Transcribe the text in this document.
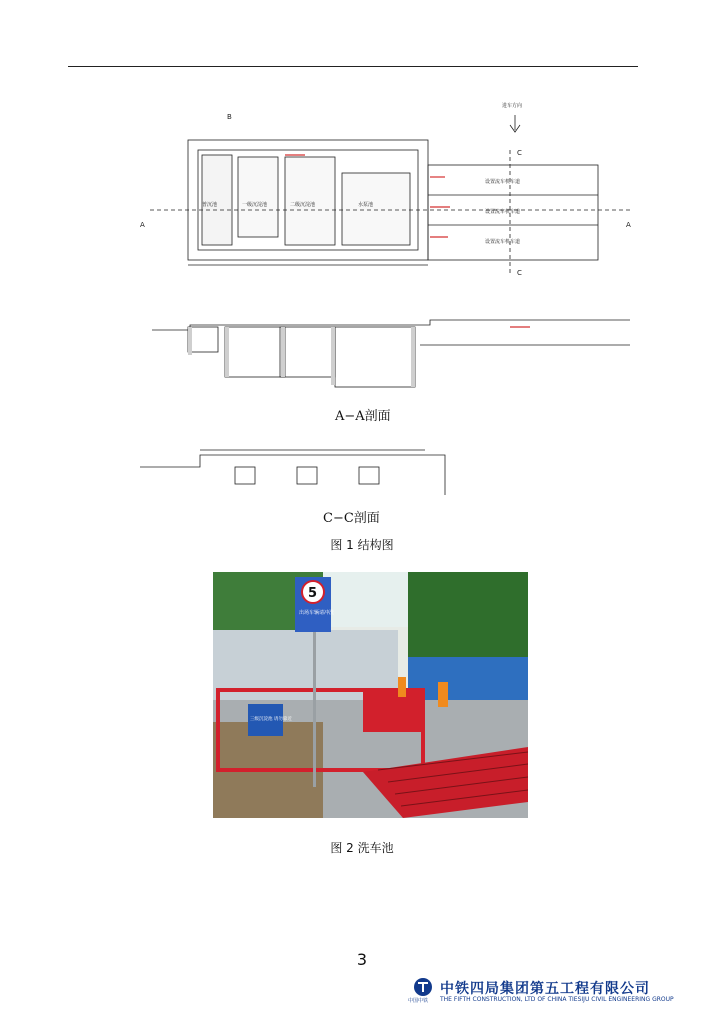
B
A	A
C
C
普沉池	一级沉淀池	二级沉淀池	水泵池
设置流车机车道
设置流车机车道
设置流车机车道
进车方向
A−A剖面
C−C剖面
图 1 结构图
5
出场车辆请冲洗
三级沉淀池 请勿靠近
图 2 洗车池
3
中铁四局集团第五工程有限公司
THE FIFTH CONSTRUCTION, LTD OF CHINA TIESIJU CIVIL ENGINEERING GROUP
中国中铁
